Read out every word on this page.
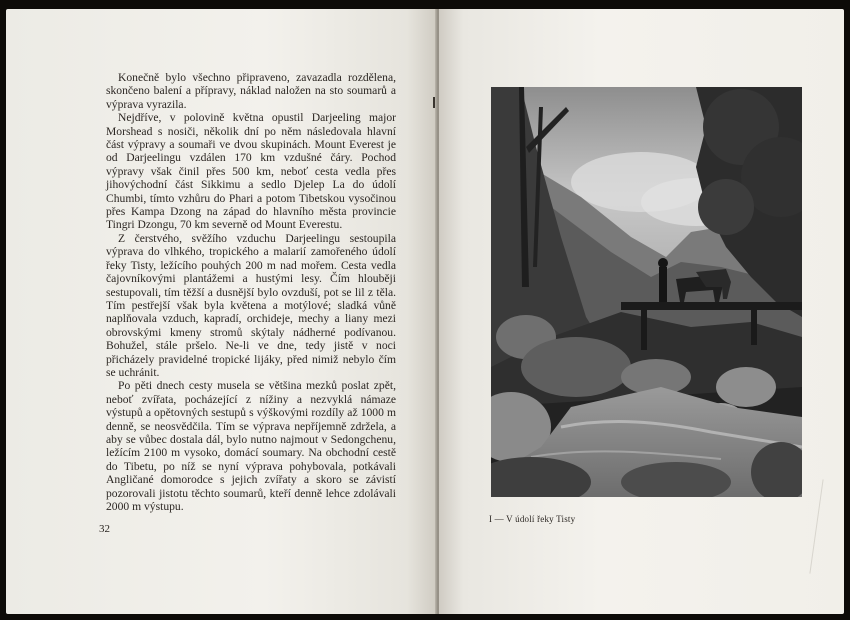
Konečně bylo všechno připraveno, zavazadla rozdělena, skončeno balení a přípravy, náklad naložen na sto soumarů a výprava vyrazila.

Nejdříve, v polovině května opustil Darjeeling major Morshead s nosiči, několik dní po něm následovala hlavní část výpravy a soumaři ve dvou skupinách. Mount Everest je od Darjeelingu vzdálen 170 km vzdušné čáry. Pochod výpravy však činil přes 500 km, neboť cesta vedla přes jihovýchodní část Sikkimu a sedlo Djelep La do údolí Chumbi, tímto vzhůru do Phari a potom Tibetskou vysočinou přes Kampa Dzong na západ do hlavního města provincie Tingri Dzongu, 70 km severně od Mount Everestu.

Z čerstvého, svěžího vzduchu Darjeelingu sestoupila výprava do vlhkého, tropického a malarií zamořeného údolí řeky Tisty, ležícího pouhých 200 m nad mořem. Cesta vedla čajovníkovými plantážemi a hustými lesy. Čím hlouběji sestupovali, tím těžší a dusnější bylo ovzduší, pot se lil z těla. Tím pestřejší však byla květena a motýlové; sladká vůně naplňovala vzduch, kapradí, orchideje, mechy a liany mezi obrovskými kmeny stromů skýtaly nádherné podívanou. Bohužel, stále pršelo. Ne-li ve dne, tedy jistě v noci přicházely pravidelné tropické lijáky, před nimiž nebylo čím se uchránit.

Po pěti dnech cesty musela se většina mezků poslat zpět, neboť zvířata, pocházející z nížiny a nezvyklá námaze výstupů a opětovných sestupů s výškovými rozdíly až 1000 m denně, se neosvědčila. Tím se výprava nepříjemně zdržela, a aby se vůbec dostala dál, bylo nutno najmout v Sedongchenu, ležícím 2100 m vysoko, domácí soumary. Na obchodní cestě do Tibetu, po níž se nyní výprava pohybovala, potkávali Angličané domorodce s jejich zvířaty a skoro se závistí pozorovali jistotu těchto soumarů, kteří denně lehce zdolávali 2000 m výstupu.

32
I — V údolí řeky Tisty
